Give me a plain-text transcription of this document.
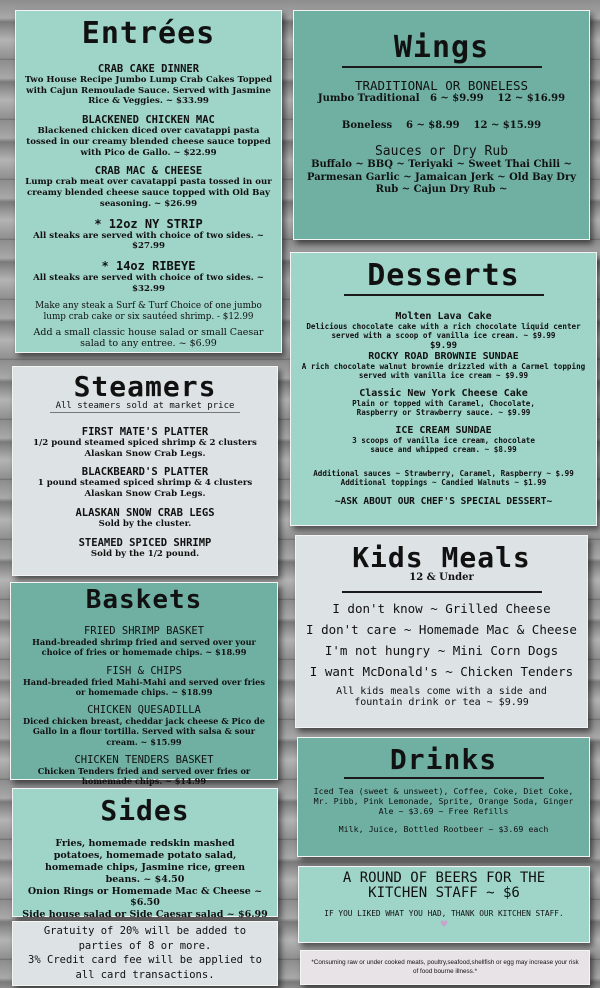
Entrées
CRAB CAKE DINNER
Two House Recipe Jumbo Lump Crab Cakes Topped with Cajun Remoulade Sauce. Served with Jasmine Rice & Veggies. ~ $33.99
BLACKENED CHICKEN MAC
Blackened chicken diced over cavatappi pasta tossed in our creamy blended cheese sauce topped with Pico de Gallo. ~ $22.99
CRAB MAC & CHEESE
Lump crab meat over cavatappi pasta tossed in our creamy blended cheese sauce topped with Old Bay seasoning. ~ $26.99
* 12oz NY STRIP
All steaks are served with choice of two sides. ~ $27.99
* 14oz RIBEYE
All steaks are served with choice of two sides. ~ $32.99
Make any steak a Surf & Turf Choice of one jumbo lump crab cake or six sautéed shrimp. - $12.99
Add a small classic house salad or small Caesar salad to any entree. ~ $6.99
Wings
TRADITIONAL OR BONELESS
Jumbo Traditional   6 ~ $9.99    12 ~ $16.99
Boneless    6 ~ $8.99    12 ~ $15.99
Sauces or Dry Rub
Buffalo ~ BBQ ~ Teriyaki ~ Sweet Thai Chili ~ Parmesan Garlic ~ Jamaican Jerk ~ Old Bay Dry Rub ~ Cajun Dry Rub ~
Desserts
Molten Lava Cake
Delicious chocolate cake with a rich chocolate liquid center served with a scoop of vanilla ice cream. ~ $9.99
$9.99
ROCKY ROAD BROWNIE SUNDAE
A rich chocolate walnut brownie drizzled with a Carmel topping served with vanilla ice cream ~ $9.99
Classic New York Cheese Cake
Plain or topped with Caramel, Chocolate, Raspberry or Strawberry sauce. ~ $9.99
ICE CREAM SUNDAE
3 scoops of vanilla ice cream, chocolate sauce and whipped cream. ~ $8.99
Additional sauces ~ Strawberry, Caramel, Raspberry ~ $.99
Additional toppings ~ Candied Walnuts ~ $1.99
~ASK ABOUT OUR CHEF'S SPECIAL DESSERT~
Steamers
All steamers sold at market price
FIRST MATE'S PLATTER
1/2 pound steamed spiced shrimp & 2 clusters Alaskan Snow Crab Legs.
BLACKBEARD'S PLATTER
1 pound steamed spiced shrimp & 4 clusters Alaskan Snow Crab Legs.
ALASKAN SNOW CRAB LEGS
Sold by the cluster.
STEAMED SPICED SHRIMP
Sold by the 1/2 pound.	Kids Meals
12 & Under
I don't know ~ Grilled Cheese
I don't care ~ Homemade Mac & Cheese
I'm not hungry ~ Mini Corn Dogs
I want McDonald's ~ Chicken Tenders
All kids meals come with a side and fountain drink or tea ~ $9.99
Baskets
FRIED SHRIMP BASKET
Hand-breaded shrimp fried and served over your choice of fries or homemade chips. ~ $18.99
FISH & CHIPS
Hand-breaded fried Mahi-Mahi and served over fries or homemade chips. ~ $18.99
CHICKEN QUESADILLA
Diced chicken breast, cheddar jack cheese & Pico de Gallo in a flour tortilla. Served with salsa & sour cream. ~ $15.99
CHICKEN TENDERS BASKET
Chicken Tenders fried and served over fries or homemade chips. ~ $14.99
Sides
Fries, homemade redskin mashed potatoes, homemade potato salad, homemade chips, Jasmine rice, green beans. ~ $4.50
Onion Rings or Homemade Mac & Cheese ~ $6.50
Side house salad or Side Caesar salad ~ $6.99
Gratuity of 20% will be added to parties of 8 or more.
3% Credit card fee will be applied to all card transactions.
Drinks
Iced Tea (sweet & unsweet), Coffee, Coke, Diet Coke, Mr. Pibb, Pink Lemonade, Sprite, Orange Soda, Ginger Ale ~ $3.69 ~ Free Refills
Milk, Juice, Bottled Rootbeer ~ $3.69 each
A ROUND OF BEERS FOR THE KITCHEN STAFF ~ $6
IF YOU LIKED WHAT YOU HAD, THANK OUR KITCHEN STAFF.
♥
*Consuming raw or under cooked meats, poultry,seafood,shellfish or egg may increase your risk of food bourne illness.*
